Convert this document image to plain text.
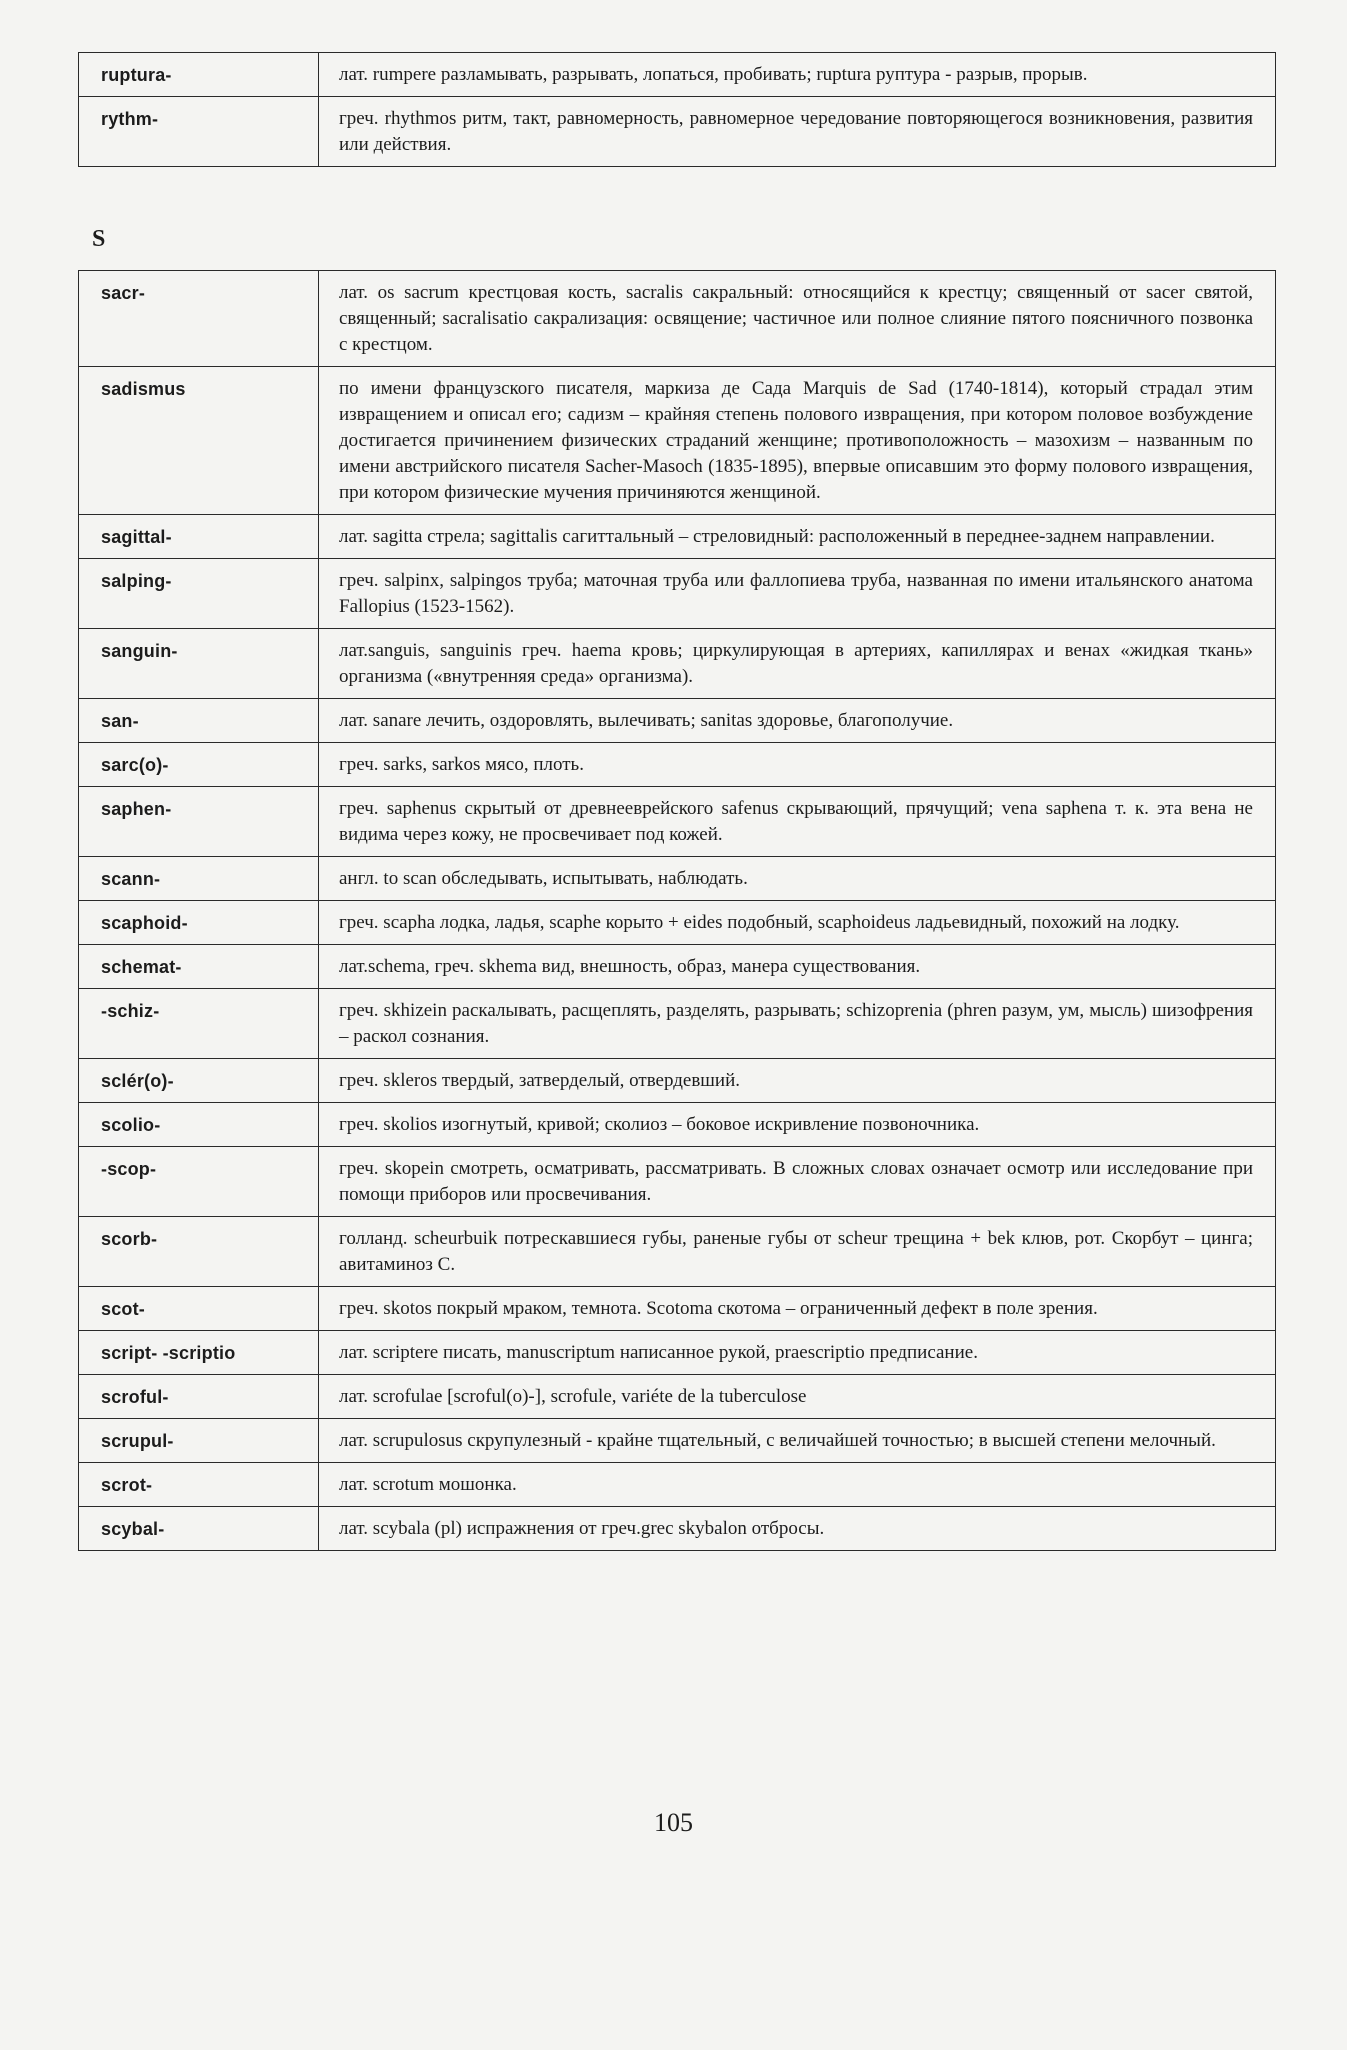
ruptura-	лат. rumpere разламывать, разрывать, лопаться, пробивать; ruptura руптура - разрыв, прорыв.
rythm-	греч. rhythmos ритм, такт, равномерность, равномерное чередование повторяющегося возникновения, развития или действия.
S
sacr-	лат. os sacrum крестцовая кость, sacralis сакральный: относящийся к крестцу; священный от sacer святой, священный; sacralisatio сакрализация: освящение; частичное или полное слияние пятого поясничного позвонка с крестцом.
sadismus	по имени французского писателя, маркиза де Сада Marquis de Sad (1740-1814), который страдал этим извращением и описал его; садизм – крайняя степень полового извращения, при котором половое возбуждение достигается причинением физических страданий женщине; противоположность – мазохизм – названным по имени австрийского писателя Sacher-Masoch (1835-1895), впервые описавшим это форму полового извращения, при котором физические мучения причиняются женщиной.
sagittal-	лат. sagitta стрела; sagittalis сагиттальный – стреловидный: расположенный в переднее-заднем направлении.
salping-	греч. salpinx, salpingos труба; маточная труба или фаллопиева труба, названная по имени итальянского анатома Fallopius (1523-1562).
sanguin-	лат.sanguis, sanguinis греч. haema кровь; циркулирующая в артериях, капиллярах и венах «жидкая ткань» организма («внутренняя среда» организма).
san-	лат. sanare лечить, оздоровлять, вылечивать; sanitas здоровье, благополучие.
sarc(o)-	греч. sarks, sarkos мясо, плоть.
saphen-	греч. saphenus скрытый от древнееврейского safenus скрывающий, прячущий; vena saphena т. к. эта вена не видима через кожу, не просвечивает под кожей.
scann-	англ. to scan обследывать, испытывать, наблюдать.
scaphoid-	греч. scapha лодка, ладья, scaphe корыто + eides подобный, scaphoideus ладьевидный, похожий на лодку.
schemat-	лат.schema, греч. skhema вид, внешность, образ, манера существования.
-schiz-	греч. skhizein раскалывать, расщеплять, разделять, разрывать; schizoprenia (phren разум, ум, мысль) шизофрения – раскол сознания.
sclér(o)-	греч. skleros твердый, затверделый, отвердевший.
scolio-	греч. skolios изогнутый, кривой; сколиоз – боковое искривление позвоночника.
-scop-	греч. skopein смотреть, осматривать, рассматривать. В сложных словах означает осмотр или исследование при помощи приборов или просвечивания.
scorb-	голланд. scheurbuik потрескавшиеся губы, раненые губы от scheur трещина + bek клюв, рот. Скорбут – цинга; авитаминоз С.
scot-	греч. skotos покрый мраком, темнота. Scotoma скотома – ограниченный дефект в поле зрения.
script- -scriptio	лат. scriptere писать, manuscriptum написанное рукой, praescriptio предписание.
scroful-	лат. scrofulae [scroful(o)-], scrofule, variéte de la tuberculose
scrupul-	лат. scrupulosus скрупулезный - крайне тщательный, с величайшей точностью; в высшей степени мелочный.
scrot-	лат. scrotum мошонка.
scybal-	лат. scybala (pl) испражнения от греч.grec skybalon отбросы.
105
